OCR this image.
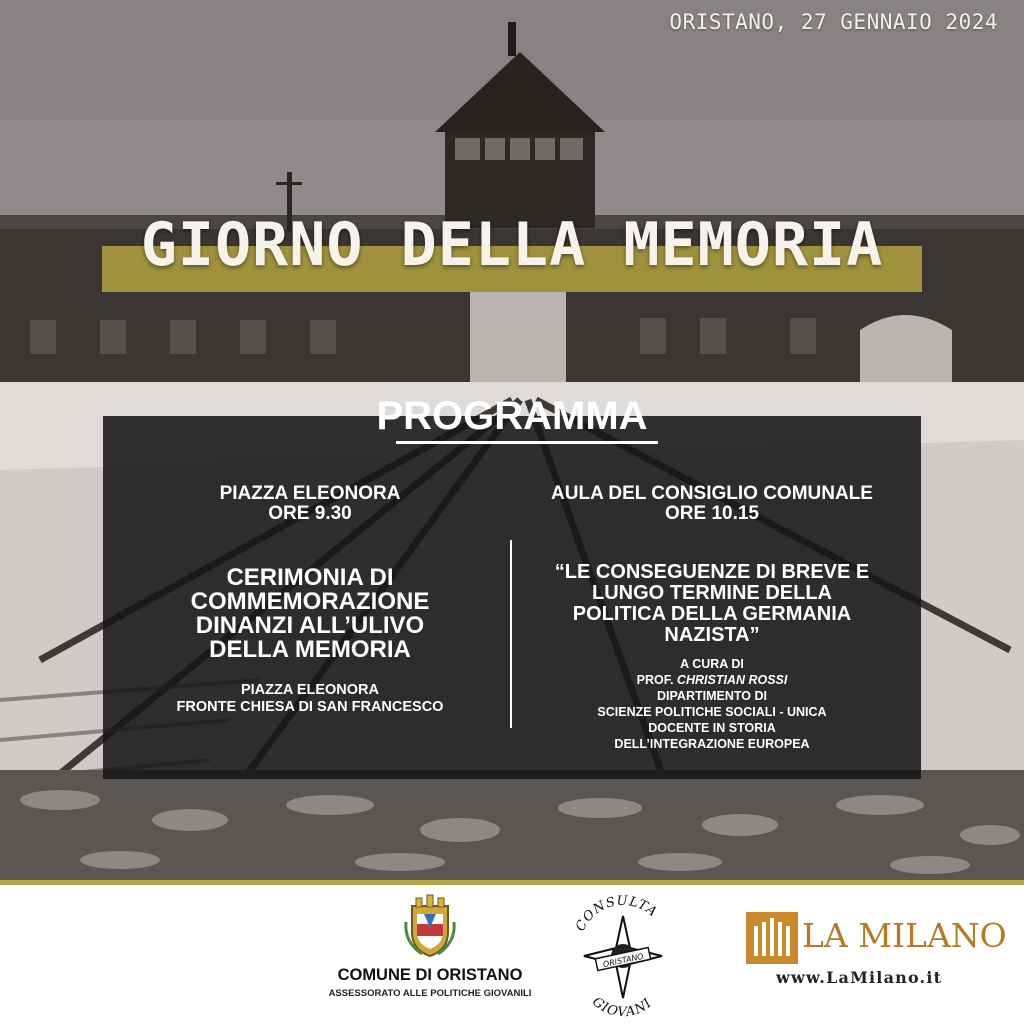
ORISTANO, 27 GENNAIO 2024
GIORNO DELLA MEMORIA
PROGRAMMA
PIAZZA ELEONORA
ORE 9.30
CERIMONIA DI
COMMEMORAZIONE
DINANZI ALL’ULIVO
DELLA MEMORIA
PIAZZA ELEONORA
FRONTE CHIESA DI SAN FRANCESCO
AULA DEL CONSIGLIO COMUNALE
ORE 10.15
“LE CONSEGUENZE DI BREVE E
LUNGO TERMINE DELLA
POLITICA DELLA GERMANIA
NAZISTA”
A CURA DI
PROF. CHRISTIAN ROSSI
DIPARTIMENTO DI
SCIENZE POLITICHE SOCIALI - UNICA
DOCENTE IN STORIA
DELL’INTEGRAZIONE EUROPEA
COMUNE DI ORISTANO
ASSESSORATO ALLE POLITICHE GIOVANILI
CONSULTA
ORISTANO
GIOVANI
LA MILANO
www.LaMilano.it
